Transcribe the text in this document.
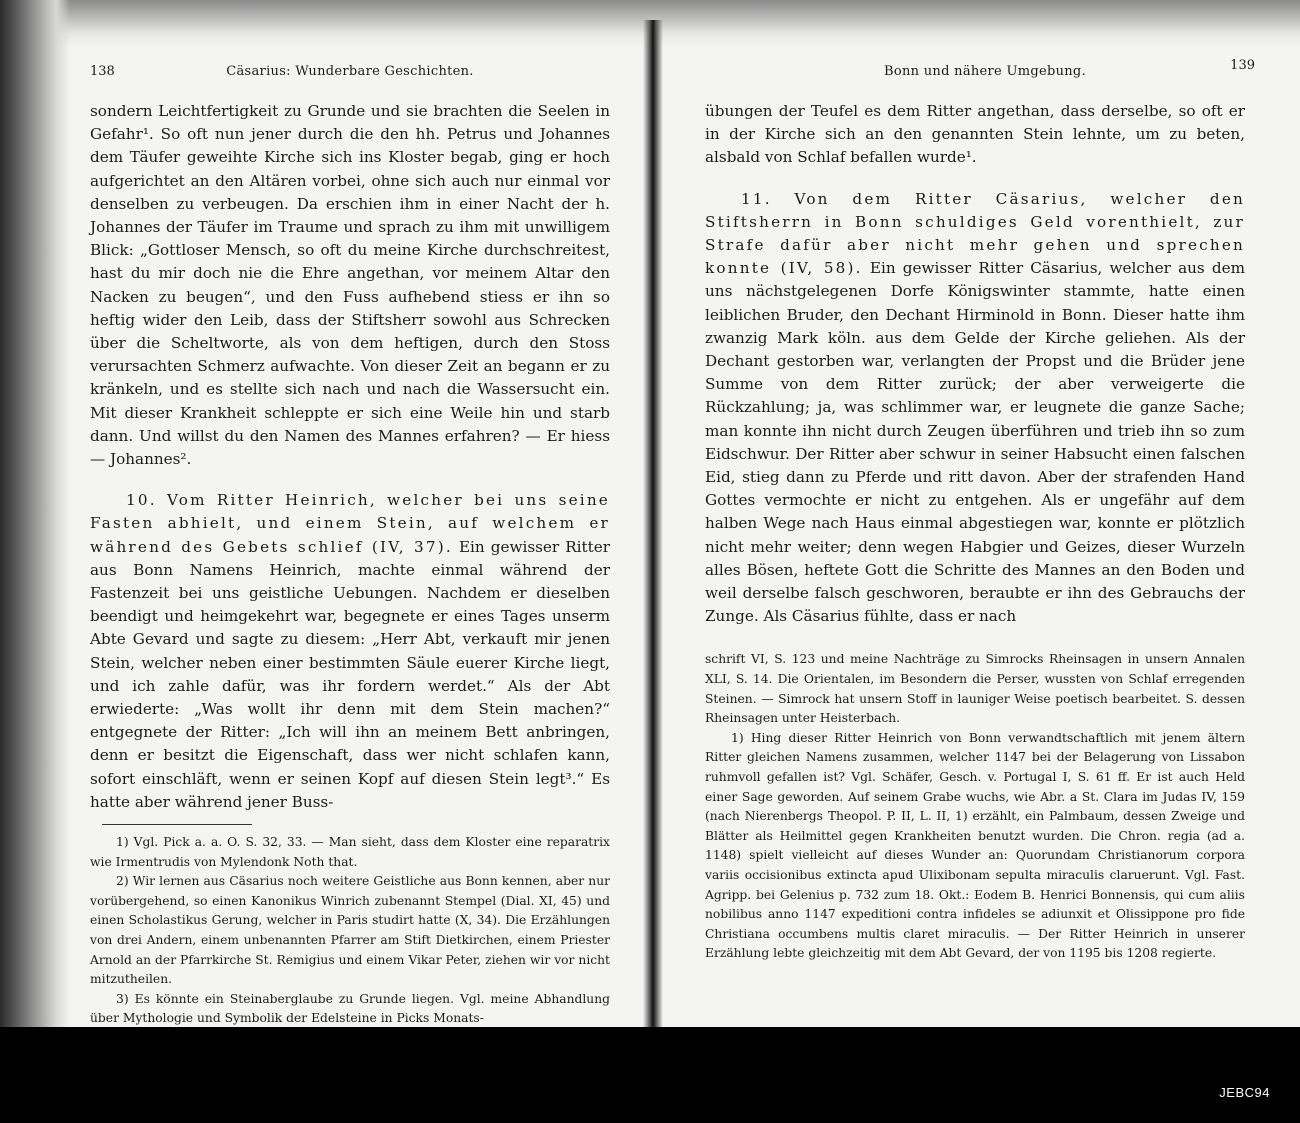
Cäsarius: Wunderbare Geschichten.
138

sondern Leichtfertigkeit zu Grunde und sie brachten die Seelen in Gefahr¹. So oft nun jener durch die den hh. Petrus und Johannes dem Täufer geweihte Kirche sich ins Kloster begab, ging er hoch aufgerichtet an den Altären vorbei, ohne sich auch nur einmal vor denselben zu verbeugen. Da erschien ihm in einer Nacht der h. Johannes der Täufer im Traume und sprach zu ihm mit unwilligem Blick: „Gottloser Mensch, so oft du meine Kirche durchschreitest, hast du mir doch nie die Ehre angethan, vor meinem Altar den Nacken zu beugen“, und den Fuss aufhebend stiess er ihn so heftig wider den Leib, dass der Stiftsherr sowohl aus Schrecken über die Scheltworte, als von dem heftigen, durch den Stoss verursachten Schmerz aufwachte. Von dieser Zeit an begann er zu kränkeln, und es stellte sich nach und nach die Wassersucht ein. Mit dieser Krankheit schleppte er sich eine Weile hin und starb dann. Und willst du den Namen des Mannes erfahren? — Er hiess — Johannes².

10. Vom Ritter Heinrich, welcher bei uns seine Fasten abhielt, und einem Stein, auf welchem er während des Gebets schlief (IV, 37). Ein gewisser Ritter aus Bonn Namens Heinrich, machte einmal während der Fastenzeit bei uns geistliche Uebungen. Nachdem er dieselben beendigt und heimgekehrt war, begegnete er eines Tages unserm Abte Gevard und sagte zu diesem: „Herr Abt, verkauft mir jenen Stein, welcher neben einer bestimmten Säule euerer Kirche liegt, und ich zahle dafür, was ihr fordern werdet.“ Als der Abt erwiederte: „Was wollt ihr denn mit dem Stein machen?“ entgegnete der Ritter: „Ich will ihn an meinem Bett anbringen, denn er besitzt die Eigenschaft, dass wer nicht schlafen kann, sofort einschläft, wenn er seinen Kopf auf diesen Stein legt³.“ Es hatte aber während jener Buss-

1) Vgl. Pick a. a. O. S. 32, 33. — Man sieht, dass dem Kloster eine reparatrix wie Irmentrudis von Mylendonk Noth that.

2) Wir lernen aus Cäsarius noch weitere Geistliche aus Bonn kennen, aber nur vorübergehend, so einen Kanonikus Winrich zubenannt Stempel (Dial. XI, 45) und einen Scholastikus Gerung, welcher in Paris studirt hatte (X, 34). Die Erzählungen von drei Andern, einem unbenannten Pfarrer am Stift Dietkirchen, einem Priester Arnold an der Pfarrkirche St. Remigius und einem Vikar Peter, ziehen wir vor nicht mitzutheilen.

3) Es könnte ein Steinaberglaube zu Grunde liegen. Vgl. meine Abhandlung über Mythologie und Symbolik der Edelsteine in Picks Monats-

Bonn und nähere Umgebung.	139

übungen der Teufel es dem Ritter angethan, dass derselbe, so oft er in der Kirche sich an den genannten Stein lehnte, um zu beten, alsbald von Schlaf befallen wurde¹.

11. Von dem Ritter Cäsarius, welcher den Stiftsherrn in Bonn schuldiges Geld vorenthielt, zur Strafe dafür aber nicht mehr gehen und sprechen konnte (IV, 58). Ein gewisser Ritter Cäsarius, welcher aus dem uns nächstgelegenen Dorfe Königswinter stammte, hatte einen leiblichen Bruder, den Dechant Hirminold in Bonn. Dieser hatte ihm zwanzig Mark köln. aus dem Gelde der Kirche geliehen. Als der Dechant gestorben war, verlangten der Propst und die Brüder jene Summe von dem Ritter zurück; der aber verweigerte die Rückzahlung; ja, was schlimmer war, er leugnete die ganze Sache; man konnte ihn nicht durch Zeugen überführen und trieb ihn so zum Eidschwur. Der Ritter aber schwur in seiner Habsucht einen falschen Eid, stieg dann zu Pferde und ritt davon. Aber der strafenden Hand Gottes vermochte er nicht zu entgehen. Als er ungefähr auf dem halben Wege nach Haus einmal abgestiegen war, konnte er plötzlich nicht mehr weiter; denn wegen Habgier und Geizes, dieser Wurzeln alles Bösen, heftete Gott die Schritte des Mannes an den Boden und weil derselbe falsch geschworen, beraubte er ihn des Gebrauchs der Zunge. Als Cäsarius fühlte, dass er nach

schrift VI, S. 123 und meine Nachträge zu Simrocks Rheinsagen in unsern Annalen XLI, S. 14. Die Orientalen, im Besondern die Perser, wussten von Schlaf erregenden Steinen. — Simrock hat unsern Stoff in launiger Weise poetisch bearbeitet. S. dessen Rheinsagen unter Heisterbach.

1) Hing dieser Ritter Heinrich von Bonn verwandtschaftlich mit jenem ältern Ritter gleichen Namens zusammen, welcher 1147 bei der Belagerung von Lissabon ruhmvoll gefallen ist? Vgl. Schäfer, Gesch. v. Portugal I, S. 61 ff. Er ist auch Held einer Sage geworden. Auf seinem Grabe wuchs, wie Abr. a St. Clara im Judas IV, 159 (nach Nierenbergs Theopol. P. II, L. II, 1) erzählt, ein Palmbaum, dessen Zweige und Blätter als Heilmittel gegen Krankheiten benutzt wurden. Die Chron. regia (ad a. 1148) spielt vielleicht auf dieses Wunder an: Quorundam Christianorum corpora variis occisionibus extincta apud Ulixibonam sepulta miraculis claruerunt. Vgl. Fast. Agripp. bei Gelenius p. 732 zum 18. Okt.: Eodem B. Henrici Bonnensis, qui cum aliis nobilibus anno 1147 expeditioni contra infideles se adiunxit et Olissippone pro fide Christiana occumbens multis claret miraculis. — Der Ritter Heinrich in unserer Erzählung lebte gleichzeitig mit dem Abt Gevard, der von 1195 bis 1208 regierte.

JEBC94
